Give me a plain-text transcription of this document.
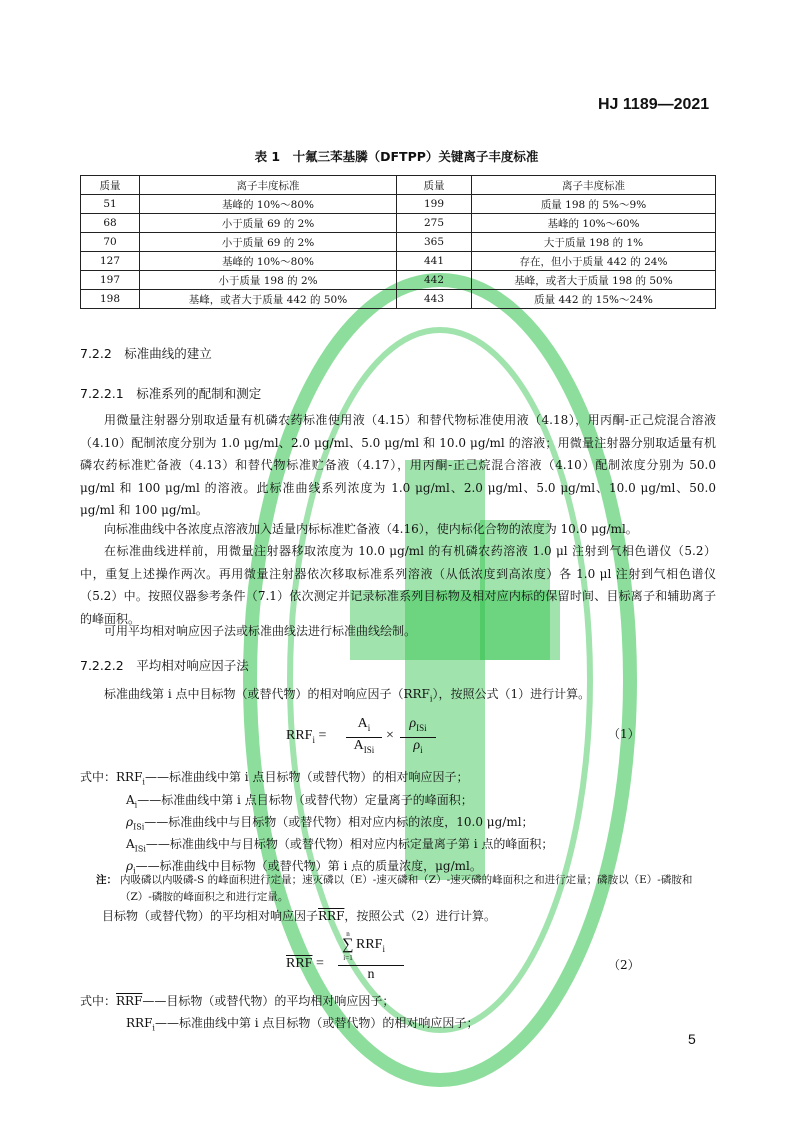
HJ 1189—2021
表 1　十氟三苯基膦（DFTPP）关键离子丰度标准
质量	离子丰度标准	质量	离子丰度标准
51	基峰的 10%～80%	199	质量 198 的 5%～9%
68	小于质量 69 的 2%	275	基峰的 10%～60%
70	小于质量 69 的 2%	365	大于质量 198 的 1%
127	基峰的 10%～80%	441	存在，但小于质量 442 的 24%
197	小于质量 198 的 2%	442	基峰，或者大于质量 198 的 50%
198	基峰，或者大于质量 442 的 50%	443	质量 442 的 15%～24%
7.2.2　标准曲线的建立
7.2.2.1　标准系列的配制和测定
用微量注射器分别取适量有机磷农药标准使用液（4.15）和替代物标准使用液（4.18），用丙酮-正己烷混合溶液（4.10）配制浓度分别为 1.0 μg/ml、2.0 μg/ml、5.0 μg/ml 和 10.0 μg/ml 的溶液；用微量注射器分别取适量有机磷农药标准贮备液（4.13）和替代物标准贮备液（4.17），用丙酮-正己烷混合溶液（4.10）配制浓度分别为 50.0 μg/ml 和 100 μg/ml 的溶液。此标准曲线系列浓度为 1.0 μg/ml、2.0 μg/ml、5.0 μg/ml、10.0 μg/ml、50.0 μg/ml 和 100 μg/ml。
向标准曲线中各浓度点溶液加入适量内标标准贮备液（4.16），使内标化合物的浓度为 10.0 μg/ml。
在标准曲线进样前，用微量注射器移取浓度为 10.0 μg/ml 的有机磷农药溶液 1.0 μl 注射到气相色谱仪（5.2）中，重复上述操作两次。再用微量注射器依次移取标准系列溶液（从低浓度到高浓度）各 1.0 μl 注射到气相色谱仪（5.2）中。按照仪器参考条件（7.1）依次测定并记录标准系列目标物及相对应内标的保留时间、目标离子和辅助离子的峰面积。
可用平均相对响应因子法或标准曲线法进行标准曲线绘制。
7.2.2.2　平均相对响应因子法
标准曲线第 i 点中目标物（或替代物）的相对响应因子$(RRF_i)$，按照公式（1）进行计算。
$RRF_i$ =
$A_i$
$A_{ISi}$
×
$\rho_{ISi}$
$\rho_i$
（1）
式中：$RRF_i——$标准曲线中第 i 点目标物（或替代物）的相对响应因子；
$A_i——$标准曲线中第 i 点目标物（或替代物）定量离子的峰面积；
$\rho_{ISi}——$标准曲线中与目标物（或替代物）相对应内标的浓度，10.0 μg/ml；
$A_{ISi}——$标准曲线中与目标物（或替代物）相对应内标定量离子第 i 点的峰面积；
$\rho_i——$标准曲线中目标物（或替代物）第 i 点的质量浓度，μg/ml。
注： 内吸磷以内吸磷-S 的峰面积进行定量；速灭磷以（E）-速灭磷和（Z）-速灭磷的峰面积之和进行定量；磷胺以（E）-磷胺和（Z）-磷胺的峰面积之和进行定量。
目标物（或替代物）的平均相对响应因子$\overline{RRF}$，按照公式（2）进行计算。
$\overline{RRF}$ =
n
∑
i=1
$RRF_i$
n
（2）
式中：$\overline{RRF}——$目标物（或替代物）的平均相对响应因子；
$RRF_i——$标准曲线中第 i 点目标物（或替代物）的相对响应因子；
5
